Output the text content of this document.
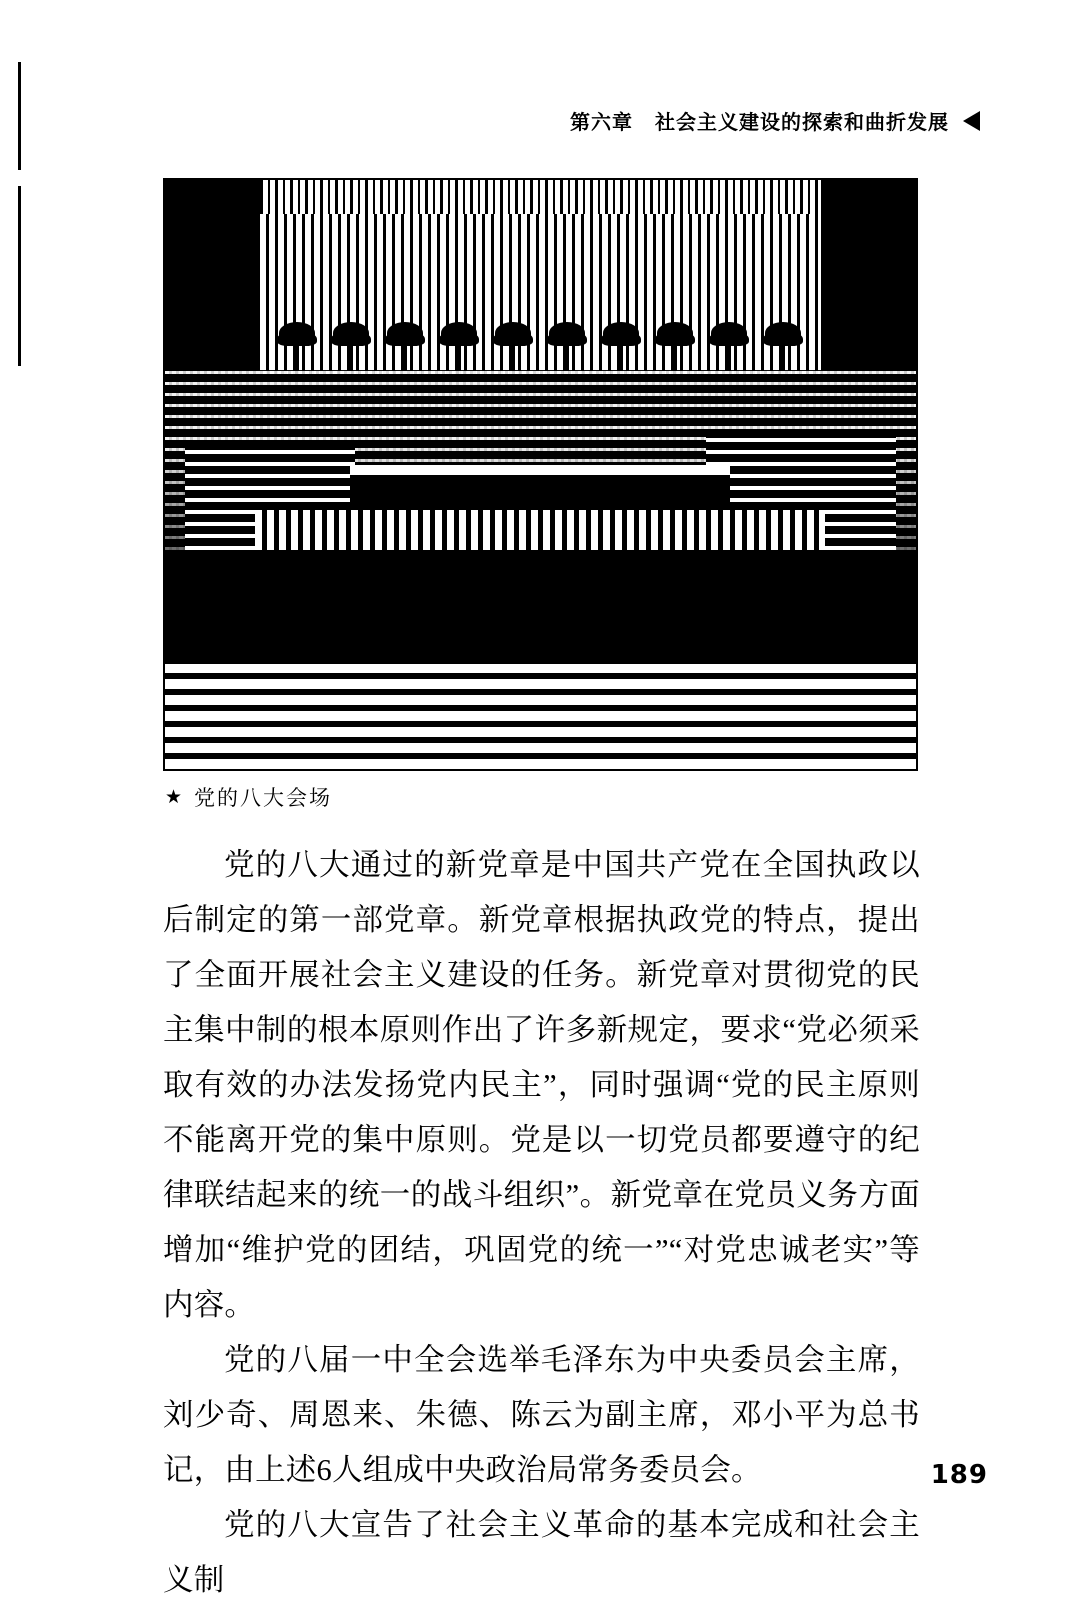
第六章 社会主义建设的探索和曲折发展
★ 党的八大会场

党的八大通过的新党章是中国共产党在全国执政以后制定的第一部党章。新党章根据执政党的特点，提出了全面开展社会主义建设的任务。新党章对贯彻党的民主集中制的根本原则作出了许多新规定，要求“党必须采取有效的办法发扬党内民主”，同时强调“党的民主原则不能离开党的集中原则。党是以一切党员都要遵守的纪律联结起来的统一的战斗组织”。新党章在党员义务方面增加“维护党的团结，巩固党的统一”“对党忠诚老实”等内容。

党的八届一中全会选举毛泽东为中央委员会主席，刘少奇、周恩来、朱德、陈云为副主席，邓小平为总书记，由上述6人组成中央政治局常务委员会。

党的八大宣告了社会主义革命的基本完成和社会主义制

189
